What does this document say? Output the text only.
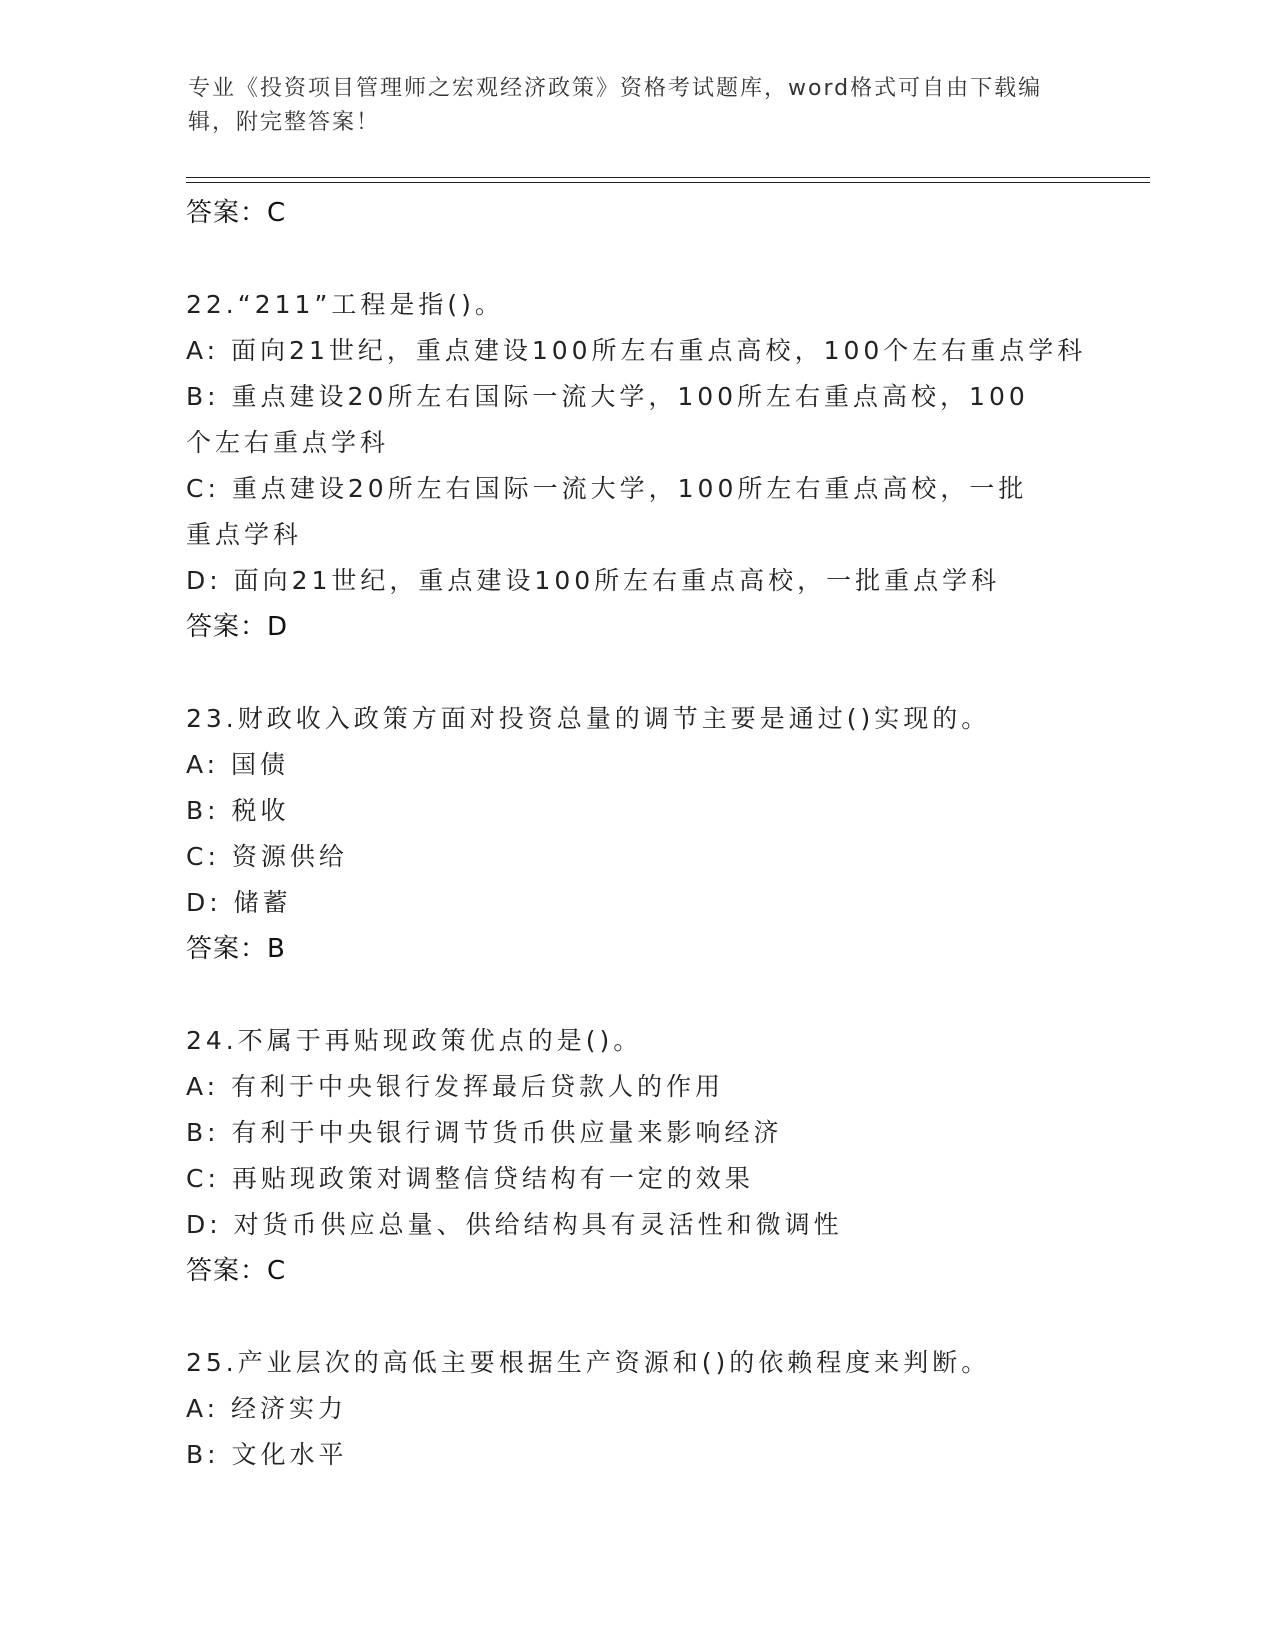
专业《投资项目管理师之宏观经济政策》资格考试题库，word格式可自由下载编辑，附完整答案！
答案：C
22.“211”工程是指()。
A: 面向21世纪，重点建设100所左右重点高校，100个左右重点学科
B: 重点建设20所左右国际一流大学，100所左右重点高校，100个左右重点学科
C: 重点建设20所左右国际一流大学，100所左右重点高校，一批重点学科
D: 面向21世纪，重点建设100所左右重点高校，一批重点学科
答案：D
23.财政收入政策方面对投资总量的调节主要是通过()实现的。
A: 国债
B: 税收
C: 资源供给
D: 储蓄
答案：B
24.不属于再贴现政策优点的是()。
A: 有利于中央银行发挥最后贷款人的作用
B: 有利于中央银行调节货币供应量来影响经济
C: 再贴现政策对调整信贷结构有一定的效果
D: 对货币供应总量、供给结构具有灵活性和微调性
答案：C
25.产业层次的高低主要根据生产资源和()的依赖程度来判断。
A: 经济实力
B: 文化水平
